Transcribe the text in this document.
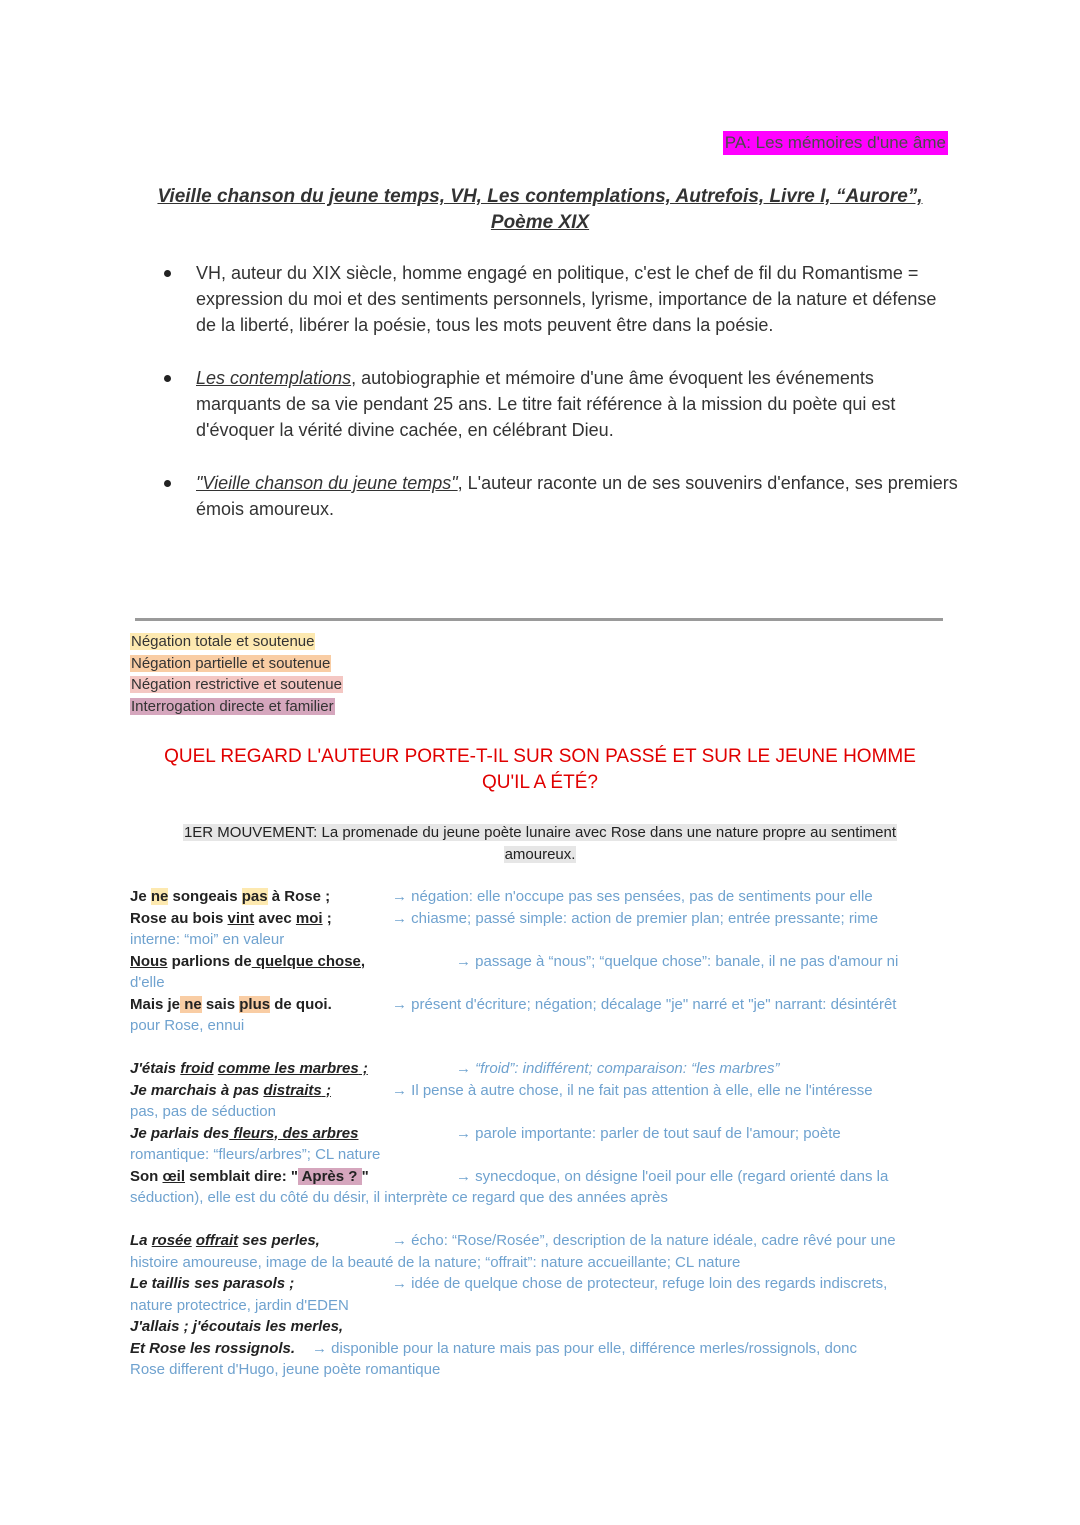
PA: Les mémoires d'une âme
Vieille chanson du jeune temps, VH, Les contemplations, Autrefois, Livre I, “Aurore”,
Poème XIX
VH, auteur du XIX siècle, homme engagé en politique, c'est le chef de fil du Romantisme = expression du moi et des sentiments personnels, lyrisme, importance de la nature et défense de la liberté, libérer la poésie, tous les mots peuvent être dans la poésie.
Les contemplations, autobiographie et mémoire d'une âme évoquent les événements marquants de sa vie pendant 25 ans. Le titre fait référence à la mission du poète qui est d'évoquer la vérité divine cachée, en célébrant Dieu.
"Vieille chanson du jeune temps", L'auteur raconte un de ses souvenirs d'enfance, ses premiers émois amoureux.
Négation totale et soutenue
Négation partielle et soutenue
Négation restrictive et soutenue
Interrogation directe et familier
QUEL REGARD L'AUTEUR PORTE-T-IL SUR SON PASSÉ ET SUR LE JEUNE HOMME
QU'IL A ÉTÉ?
1ER MOUVEMENT: La promenade du jeune poète lunaire avec Rose dans une nature propre au sentiment
amoureux.
Je ne songeais pas à Rose ;	→ négation: elle n'occupe pas ses pensées, pas de sentiments pour elle
Rose au bois vint avec moi ;	→ chiasme; passé simple: action de premier plan; entrée pressante; rime
interne: “moi” en valeur
Nous parlions de quelque chose,	→ passage à “nous”; “quelque chose”: banale, il ne pas d'amour ni
d'elle
Mais je ne sais plus de quoi.	→ présent d'écriture; négation; décalage "je" narré et "je" narrant: désintérêt
pour Rose, ennui
J'étais froid comme les marbres ;	→ “froid”: indifférent; comparaison: “les marbres”
Je marchais à pas distraits ;	→ Il pense à autre chose, il ne fait pas attention à elle, elle ne l'intéresse
pas, pas de séduction
Je parlais des fleurs, des arbres	→ parole importante: parler de tout sauf de l'amour; poète
romantique: “fleurs/arbres”; CL nature
Son œil semblait dire: " Après ? "	→ synecdoque, on désigne l'oeil pour elle (regard orienté dans la
séduction), elle est du côté du désir, il interprète ce regard que des années après
La rosée offrait ses perles,	→ écho: “Rose/Rosée”, description de la nature idéale, cadre rêvé pour une
histoire amoureuse, image de la beauté de la nature; “offrait”: nature accueillante; CL nature
Le taillis ses parasols ;	→ idée de quelque chose de protecteur, refuge loin des regards indiscrets,
nature protectrice, jardin d'EDEN
J'allais ; j'écoutais les merles,
Et Rose les rossignols. → disponible pour la nature mais pas pour elle, différence merles/rossignols, donc
Rose different d'Hugo, jeune poète romantique
